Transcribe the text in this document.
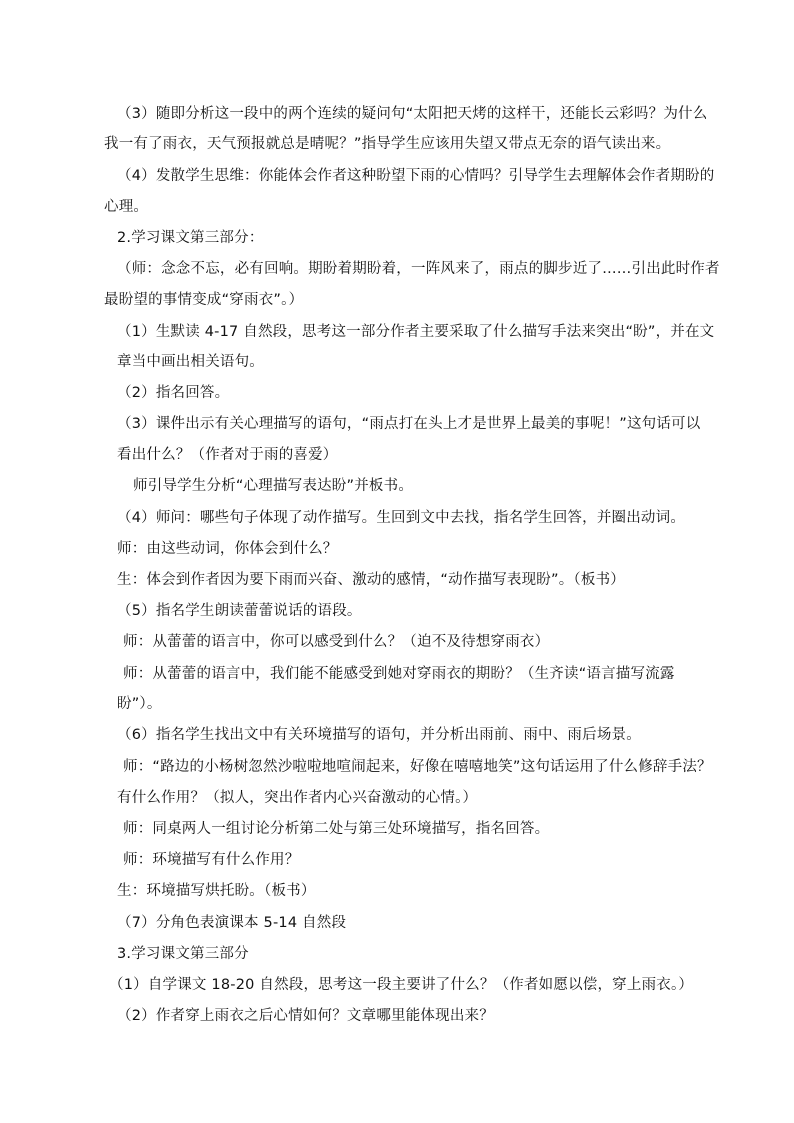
（3）随即分析这一段中的两个连续的疑问句“太阳把天烤的这样干，还能长云彩吗？为什么
我一有了雨衣，天气预报就总是晴呢？”指导学生应该用失望又带点无奈的语气读出来。
（4）发散学生思维：你能体会作者这种盼望下雨的心情吗？引导学生去理解体会作者期盼的
心理。
2.学习课文第三部分：
（师：念念不忘，必有回响。期盼着期盼着，一阵风来了，雨点的脚步近了……引出此时作者
最盼望的事情变成“穿雨衣”。）
（1）生默读 4-17 自然段，思考这一部分作者主要采取了什么描写手法来突出“盼”，并在文
章当中画出相关语句。
（2）指名回答。
（3）课件出示有关心理描写的语句，“雨点打在头上才是世界上最美的事呢！”这句话可以
看出什么？（作者对于雨的喜爱）
师引导学生分析“心理描写表达盼”并板书。
（4）师问：哪些句子体现了动作描写。生回到文中去找，指名学生回答，并圈出动词。
师：由这些动词，你体会到什么？
生：体会到作者因为要下雨而兴奋、激动的感情，“动作描写表现盼”。（板书）
（5）指名学生朗读蕾蕾说话的语段。
师：从蕾蕾的语言中，你可以感受到什么？（迫不及待想穿雨衣）
师：从蕾蕾的语言中，我们能不能感受到她对穿雨衣的期盼？（生齐读“语言描写流露
盼”）。
（6）指名学生找出文中有关环境描写的语句，并分析出雨前、雨中、雨后场景。
师：“路边的小杨树忽然沙啦啦地喧闹起来，好像在嘻嘻地笑”这句话运用了什么修辞手法？
有什么作用？（拟人，突出作者内心兴奋激动的心情。）
师：同桌两人一组讨论分析第二处与第三处环境描写，指名回答。
师：环境描写有什么作用？
生：环境描写烘托盼。（板书）
（7）分角色表演课本 5-14 自然段
3.学习课文第三部分
（1）自学课文 18-20 自然段，思考这一段主要讲了什么？（作者如愿以偿，穿上雨衣。）
（2）作者穿上雨衣之后心情如何？文章哪里能体现出来？
